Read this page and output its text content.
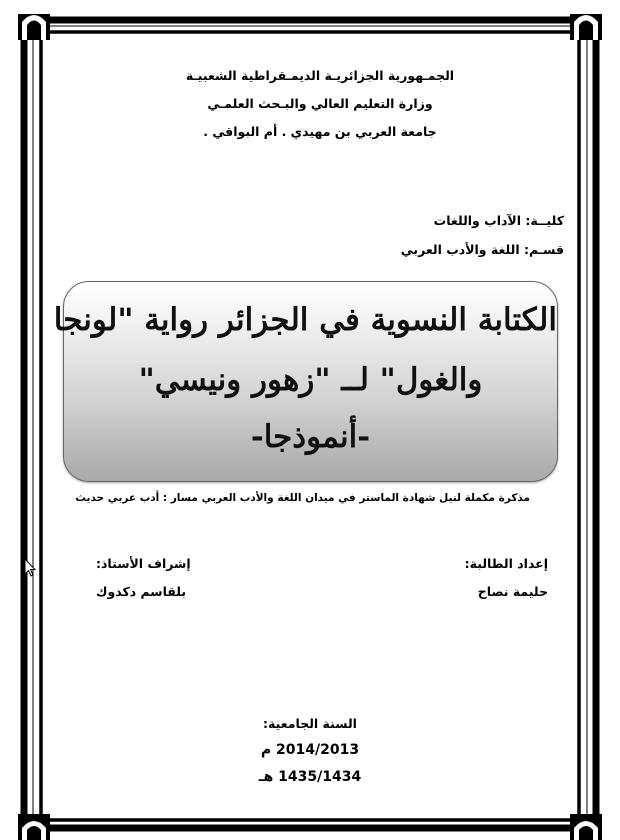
الجمـهورية الجزائريـة الديمـقراطية الشعبيـة
وزارة التعليم العالي والبـحث العلمـي
جامعة العربي بن مهيدي . أم البواقي .
كليــة: الآداب واللغات
قسـم: اللغة والأدب العربي
الكتابة النسوية في الجزائر رواية "لونجا
والغول" لــ "زهور ونيسي"
-أنموذجا-
مذكرة مكملة لنيل شهادة الماستر في ميدان اللغة والأدب العربي مسار : أدب عربي حديث
إعداد الطالبة:
حليمة نصاح
إشراف الأستاذ:
بلقاسم دكدوك
السنة الجامعية:
2014/2013 م
1435/1434 هـ
